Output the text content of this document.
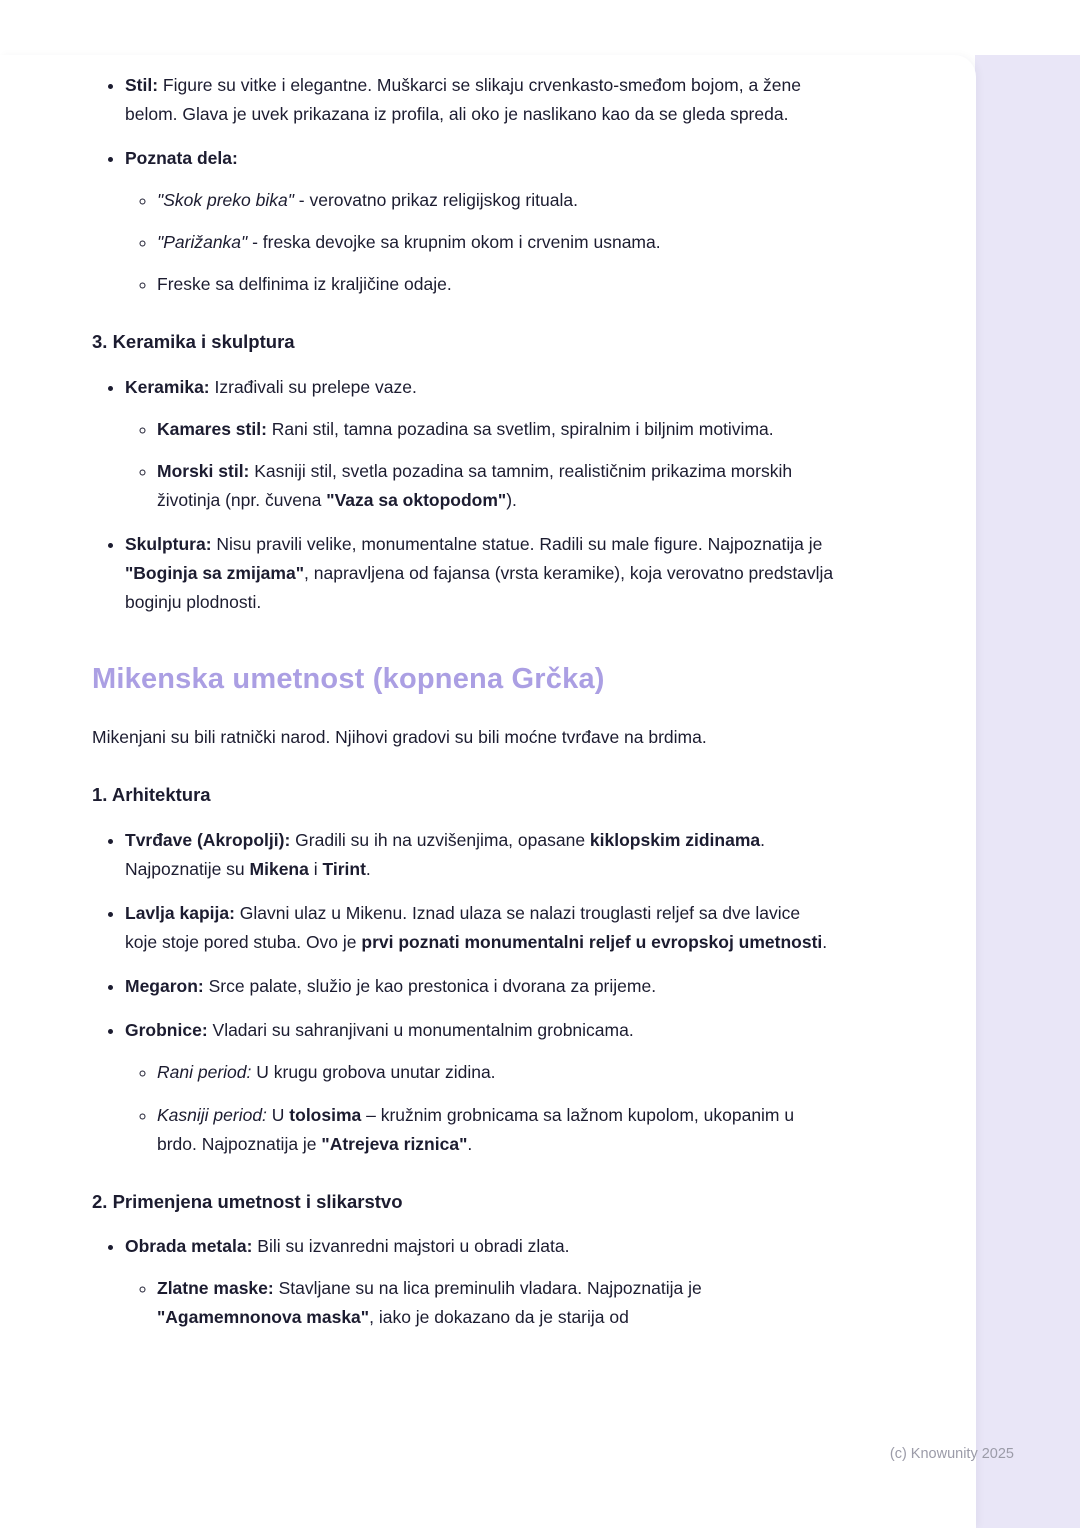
• Stil: Figure su vitke i elegantne. Muškarci se slikaju crvenkasto-smeđom bojom, a žene belom. Glava je uvek prikazana iz profila, ali oko je naslikano kao da se gleda spreda.
• Poznata dela:
◦ "Skok preko bika" - verovatno prikaz religijskog rituala.
◦ "Parižanka" - freska devojke sa krupnim okom i crvenim usnama.
◦ Freske sa delfinima iz kraljičine odaje.
3. Keramika i skulptura
• Keramika: Izrađivali su prelepe vaze.
◦ Kamares stil: Rani stil, tamna pozadina sa svetlim, spiralnim i biljnim motivima.
◦ Morski stil: Kasniji stil, svetla pozadina sa tamnim, realističnim prikazima morskih životinja (npr. čuvena "Vaza sa oktopodom").
• Skulptura: Nisu pravili velike, monumentalne statue. Radili su male figure. Najpoznatija je "Boginja sa zmijama", napravljena od fajansa (vrsta keramike), koja verovatno predstavlja boginju plodnosti.
Mikenska umetnost (kopnena Grčka)

Mikenjani su bili ratnički narod. Njihovi gradovi su bili moćne tvrđave na brdima.

1. Arhitektura
• Tvrđave (Akropolji): Gradili su ih na uzvišenjima, opasane kiklopskim zidinama. Najpoznatije su Mikena i Tirint.
• Lavlja kapija: Glavni ulaz u Mikenu. Iznad ulaza se nalazi trouglasti reljef sa dve lavice koje stoje pored stuba. Ovo je prvi poznati monumentalni reljef u evropskoj umetnosti.
• Megaron: Srce palate, služio je kao prestonica i dvorana za prijeme.
• Grobnice: Vladari su sahranjivani u monumentalnim grobnicama.
◦ Rani period: U krugu grobova unutar zidina.
◦ Kasniji period: U tolosima – kružnim grobnicama sa lažnom kupolom, ukopanim u brdo. Najpoznatija je "Atrejeva riznica".
2. Primenjena umetnost i slikarstvo
• Obrada metala: Bili su izvanredni majstori u obradi zlata.
◦ Zlatne maske: Stavljane su na lica preminulih vladara. Najpoznatija je "Agamemnonova maska", iako je dokazano da je starija od
(c) Knowunity 2025
